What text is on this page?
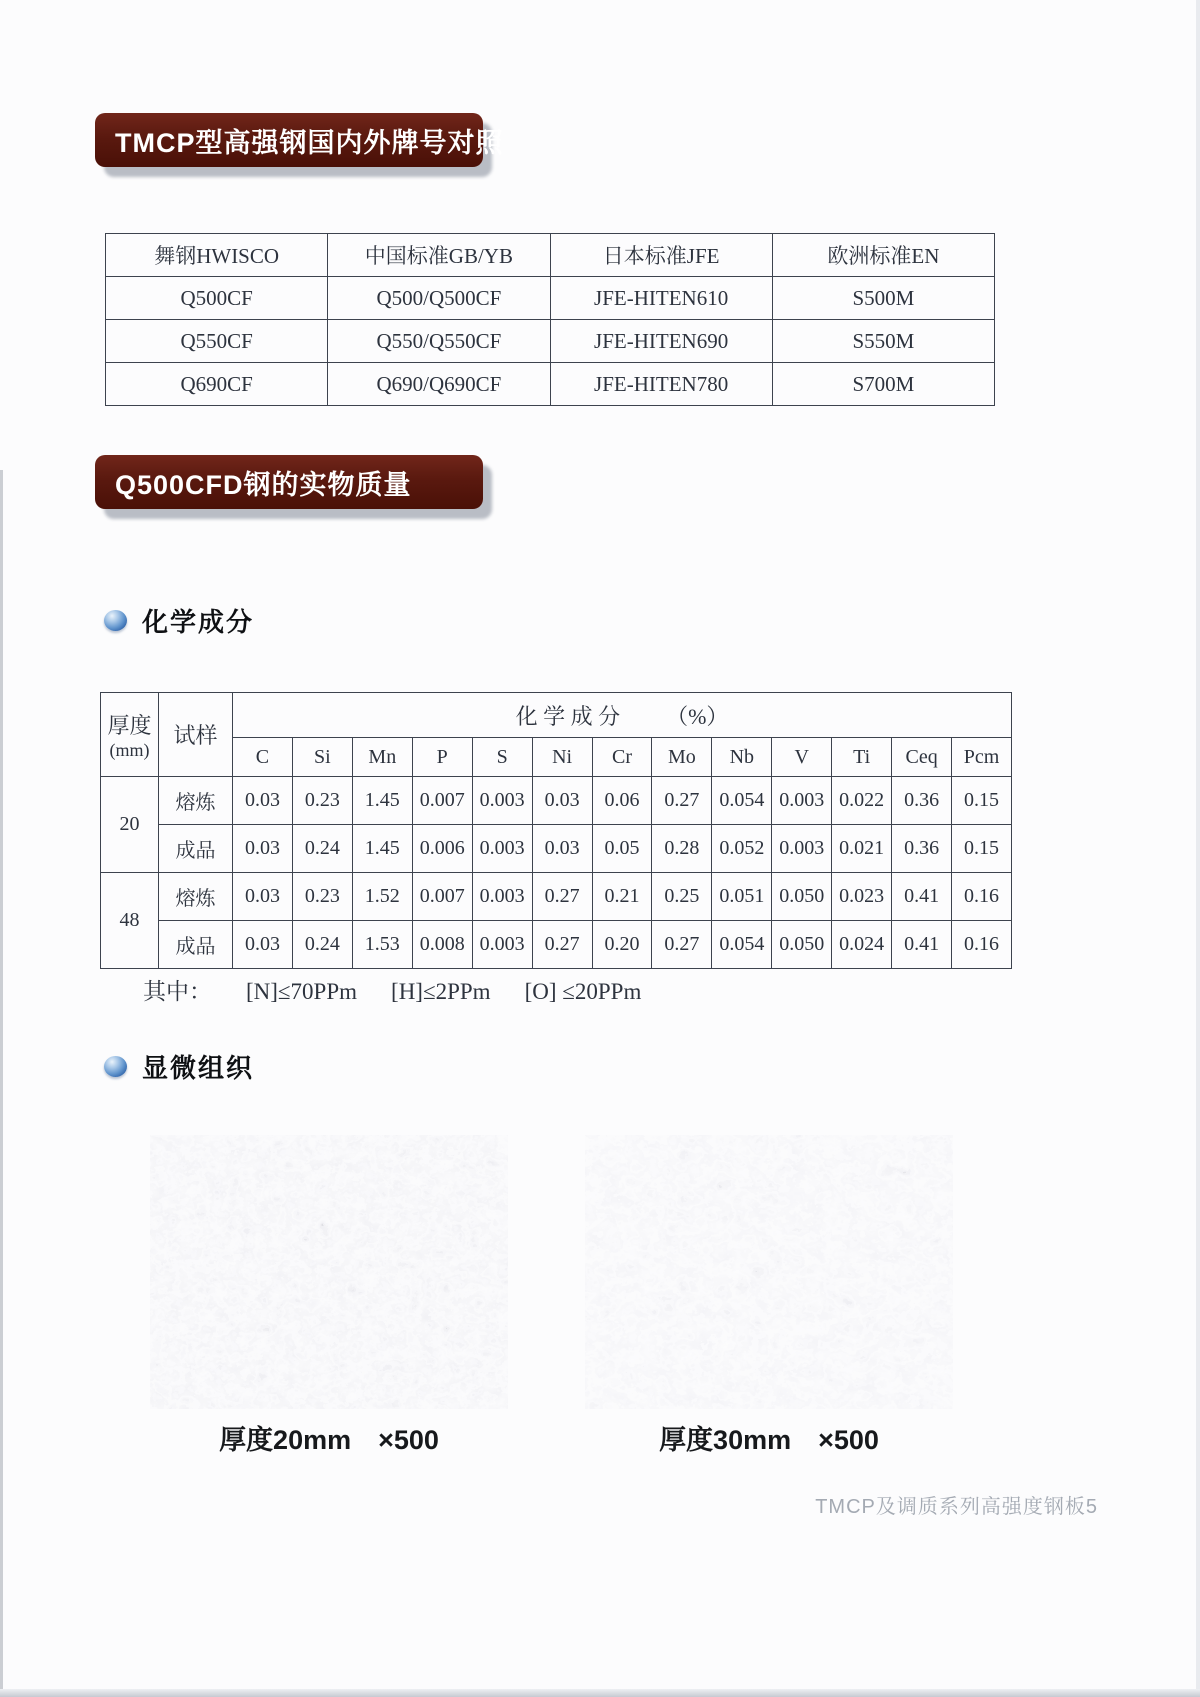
TMCP型高强钢国内外牌号对照
舞钢HWISCO	中国标准GB/YB	日本标准JFE	欧洲标准EN
Q500CF	Q500/Q500CF	JFE-HITEN610	S500M
Q550CF	Q550/Q550CF	JFE-HITEN690	S550M
Q690CF	Q690/Q690CF	JFE-HITEN780	S700M
Q500CFD钢的实物质量
化学成分
厚度
(mm)	试样	化 学 成 分 （%）												
		C	Si	Mn	P	S	Ni	Cr	Mo	Nb	V	Ti	Ceq	Pcm
20	熔炼	0.03	0.23	1.45	0.007	0.003	0.03	0.06	0.27	0.054	0.003	0.022	0.36	0.15
	成品	0.03	0.24	1.45	0.006	0.003	0.03	0.05	0.28	0.052	0.003	0.021	0.36	0.15
48	熔炼	0.03	0.23	1.52	0.007	0.003	0.27	0.21	0.25	0.051	0.050	0.023	0.41	0.16
	成品	0.03	0.24	1.53	0.008	0.003	0.27	0.20	0.27	0.054	0.050	0.024	0.41	0.16
其中： [N]≤70PPm [H]≤2PPm [O] ≤20PPm
显微组织
厚度20mm　×500	厚度30mm　×500
TMCP及调质系列高强度钢板5
